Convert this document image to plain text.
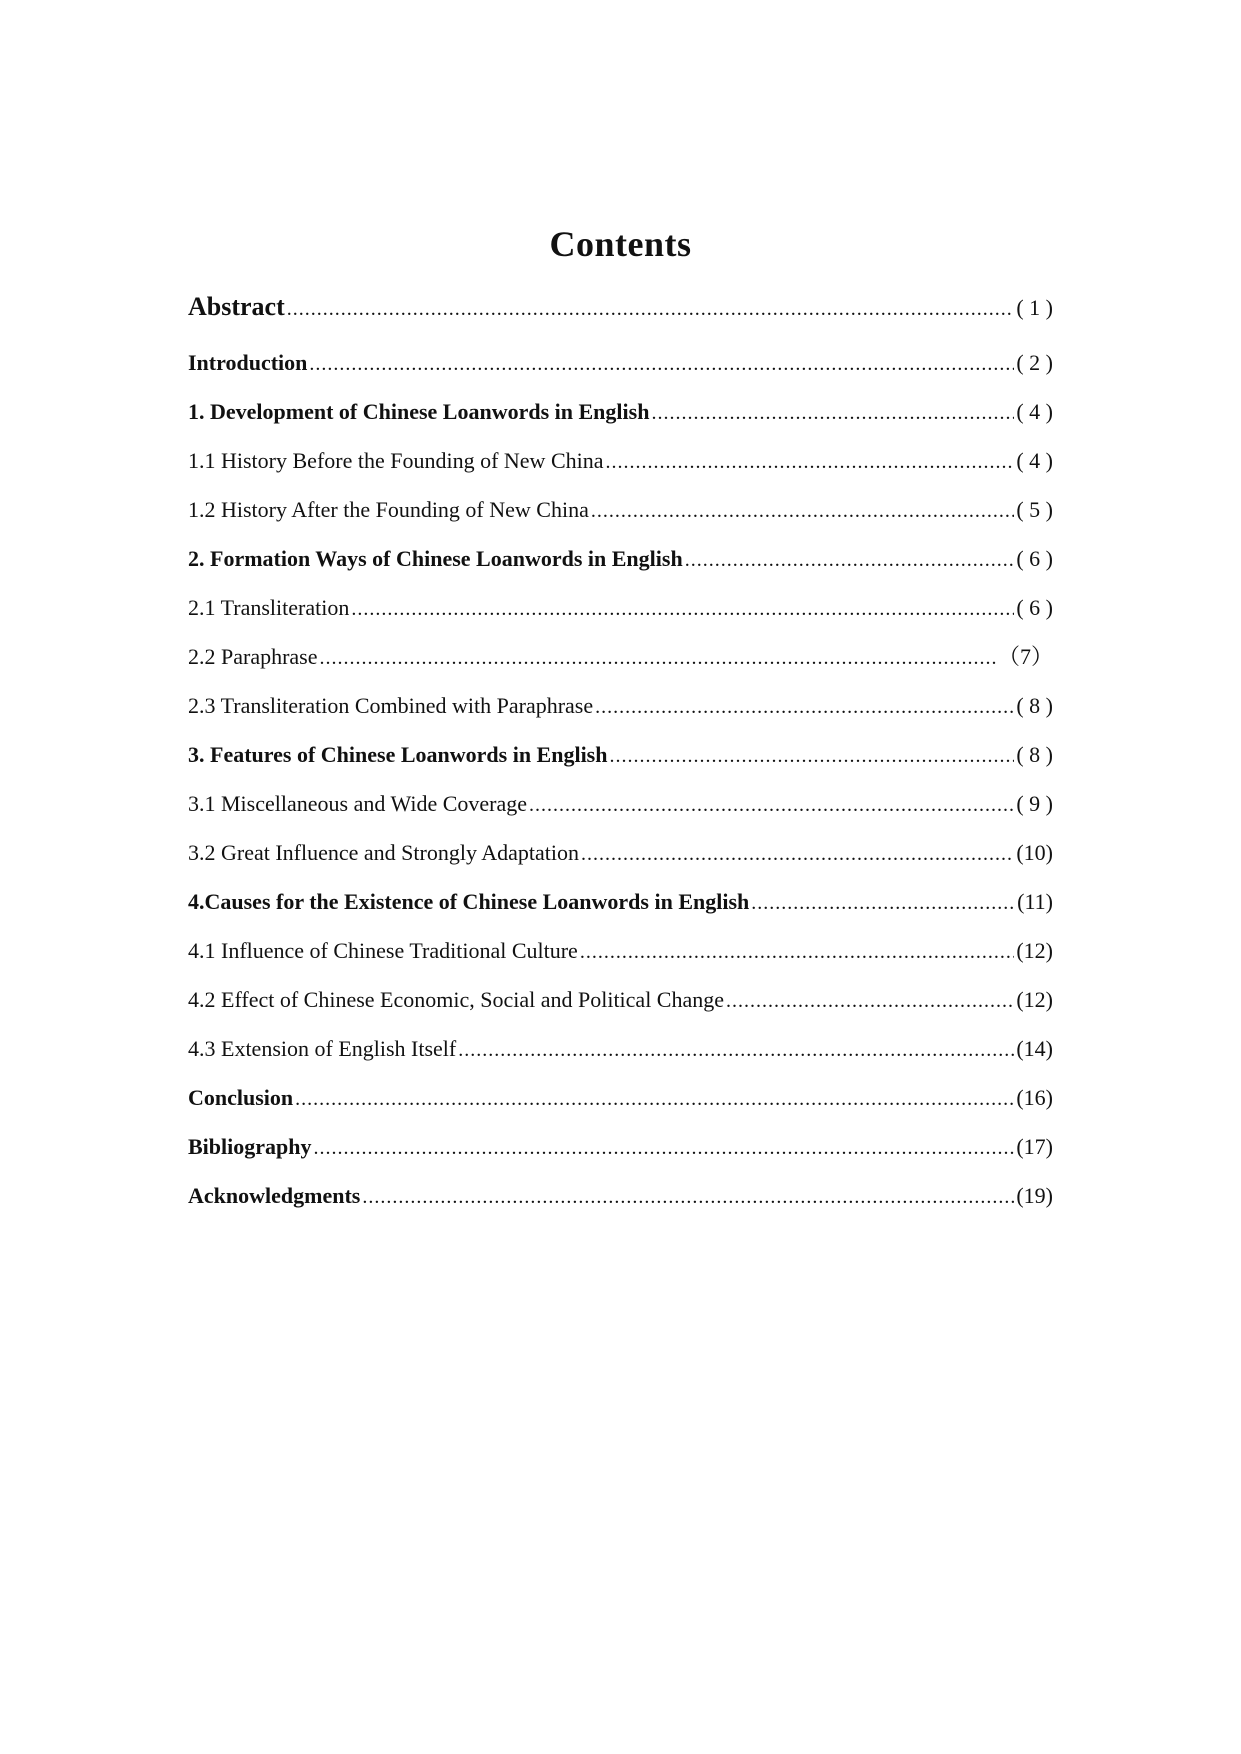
Contents
Abstract .....	( 1 )
Introduction .....	( 2 )
1. Development of Chinese Loanwords in English .....	( 4 )
1.1 History Before the Founding of New China .....	( 4 )
1.2 History After the Founding of New China .....	( 5 )
2. Formation Ways of Chinese Loanwords in English .....	( 6 )
2.1 Transliteration .....	( 6 )
2.2 Paraphrase .....	（7）
2.3 Transliteration Combined with Paraphrase .....	( 8 )
3. Features of Chinese Loanwords in English .....	( 8 )
3.1 Miscellaneous and Wide Coverage .....	( 9 )
3.2 Great Influence and Strongly Adaptation .....	(10)
4.Causes for the Existence of Chinese Loanwords in English .....	(11)
4.1 Influence of Chinese Traditional Culture .....	(12)
4.2 Effect of Chinese Economic, Social and Political Change .....	(12)
4.3 Extension of English Itself .....	(14)
Conclusion .....	(16)
Bibliography .....	(17)
Acknowledgments .....	(19)
